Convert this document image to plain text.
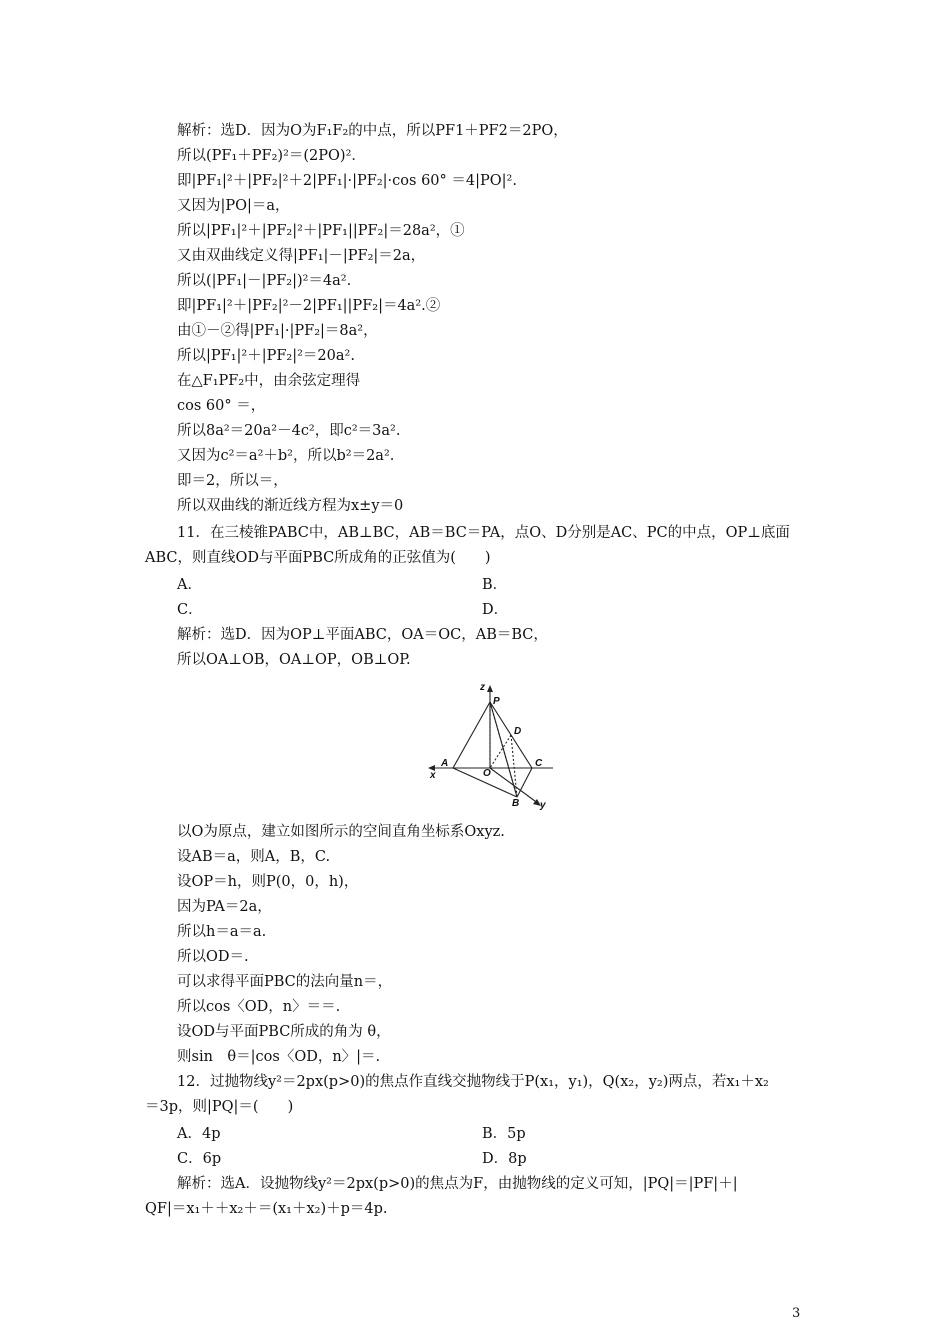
解析：选D．因为O为F₁F₂的中点，所以PF1＋PF2＝2PO，
所以(PF₁＋PF₂)²＝(2PO)²．
即|PF₁|²＋|PF₂|²＋2|PF₁|·|PF₂|·cos 60° ＝4|PO|².
又因为|PO|＝a，
所以|PF₁|²＋|PF₂|²＋|PF₁||PF₂|＝28a²，①
又由双曲线定义得|PF₁|－|PF₂|＝2a，
所以(|PF₁|－|PF₂|)²＝4a².
即|PF₁|²＋|PF₂|²－2|PF₁||PF₂|＝4a².②
由①－②得|PF₁|·|PF₂|＝8a²，
所以|PF₁|²＋|PF₂|²＝20a².
在△F₁PF₂中，由余弦定理得
cos 60° ＝，
所以8a²＝20a²－4c²，即c²＝3a².
又因为c²＝a²＋b²，所以b²＝2a².
即＝2，所以＝，
所以双曲线的渐近线方程为x±y＝0
11．在三棱锥PABC中，AB⊥BC，AB＝BC＝PA，点O、D分别是AC、PC的中点，OP⊥底面
ABC，则直线OD与平面PBC所成角的正弦值为(　　)
A．	B．
C．	D．
解析：选D．因为OP⊥平面ABC，OA＝OC，AB＝BC，
所以OA⊥OB，OA⊥OP，OB⊥OP.
z
P
D
A
x	O
C
B y
以O为原点，建立如图所示的空间直角坐标系Oxyz.
设AB＝a，则A，B，C.
设OP＝h，则P(0，0，h)，
因为PA＝2a，
所以h＝a＝a.
所以OD＝.
可以求得平面PBC的法向量n＝，
所以cos〈OD，n〉＝＝.
设OD与平面PBC所成的角为 θ，
则sin　θ＝|cos〈OD，n〉|＝.
12．过抛物线y²＝2px(p>0)的焦点作直线交抛物线于P(x₁，y₁)，Q(x₂，y₂)两点，若x₁＋x₂
＝3p，则|PQ|＝(　　)
A．4p	B．5p
C．6p	D．8p
解析：选A．设抛物线y²＝2px(p>0)的焦点为F，由抛物线的定义可知，|PQ|＝|PF|＋|
QF|＝x₁＋＋x₂＋＝(x₁＋x₂)＋p＝4p.
3
